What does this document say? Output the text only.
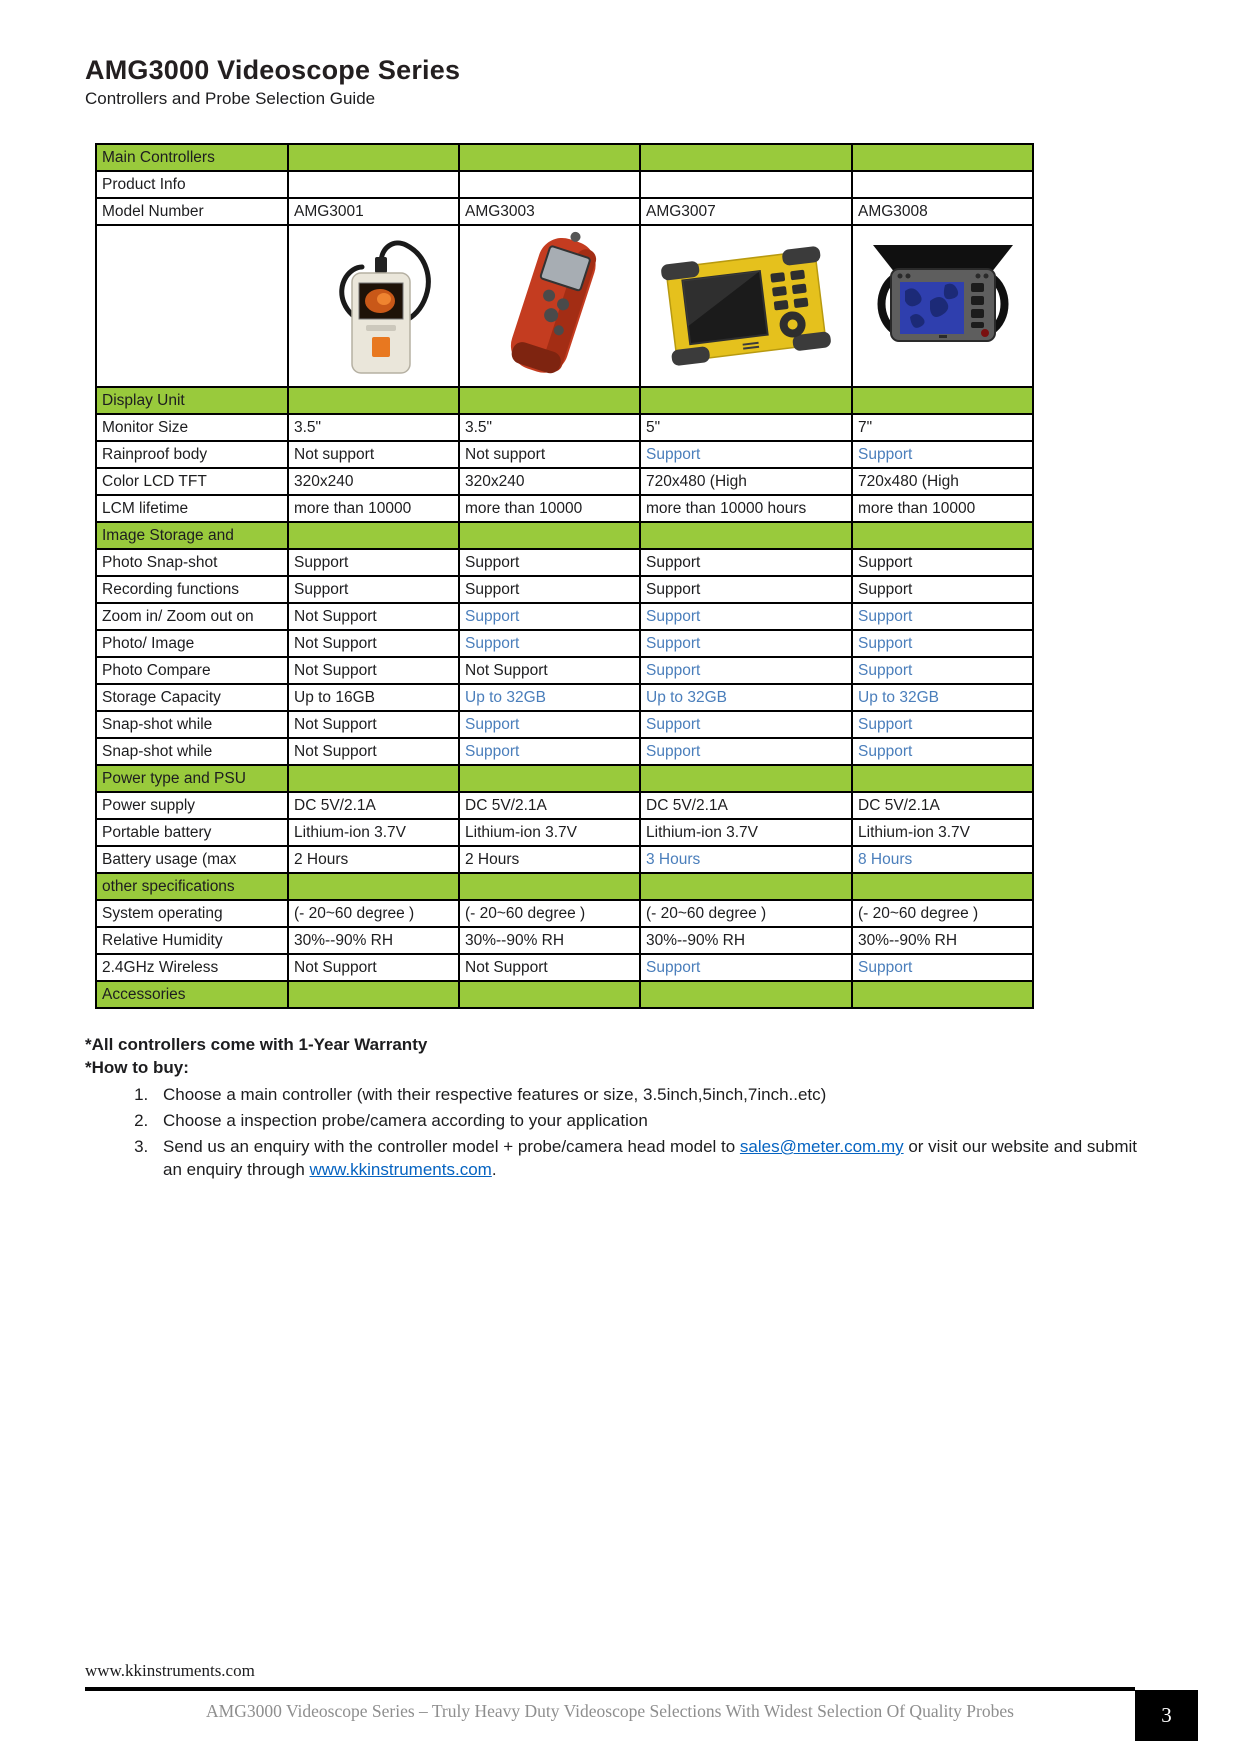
AMG3000 Videoscope Series

Controllers and Probe Selection Guide

Main Controllers				
Product Info				
Model Number	AMG3001	AMG3003	AMG3007	AMG3008

Display Unit				
Monitor Size	3.5"	3.5"	5"	7"
Rainproof body	Not support	Not support	Support	Support
Color LCD TFT	320x240	320x240	720x480 (High	720x480 (High
LCM lifetime	more than 10000	more than 10000	more than 10000 hours	more than 10000
Image Storage and				
Photo Snap-shot	Support	Support	Support	Support
Recording functions	Support	Support	Support	Support
Zoom in/ Zoom out on	Not Support	Support	Support	Support
Photo/ Image	Not Support	Support	Support	Support
Photo Compare	Not Support	Not Support	Support	Support
Storage Capacity	Up to 16GB	Up to 32GB	Up to 32GB	Up to 32GB
Snap-shot while	Not Support	Support	Support	Support
Snap-shot while	Not Support	Support	Support	Support
Power type and PSU				
Power supply	DC 5V/2.1A	DC 5V/2.1A	DC 5V/2.1A	DC 5V/2.1A
Portable battery	Lithium-ion 3.7V	Lithium-ion 3.7V	Lithium-ion 3.7V	Lithium-ion 3.7V
Battery usage (max	2 Hours	2 Hours	3 Hours	8 Hours
other specifications				
System operating	(- 20~60 degree )	(- 20~60 degree )	(- 20~60 degree )	(- 20~60 degree )
Relative Humidity	30%--90% RH	30%--90% RH	30%--90% RH	30%--90% RH
2.4GHz Wireless	Not Support	Not Support	Support	Support
Accessories				
*All controllers come with 1-Year Warranty
*How to buy:
1. Choose a main controller (with their respective features or size, 3.5inch,5inch,7inch..etc)
2. Choose a inspection probe/camera according to your application
3. Send us an enquiry with the controller model + probe/camera head model to sales@meter.com.my or visit our website and submit an enquiry through www.kkinstruments.com.
www.kkinstruments.com
AMG3000 Videoscope Series – Truly Heavy Duty Videoscope Selections With Widest Selection Of Quality Probes	3
